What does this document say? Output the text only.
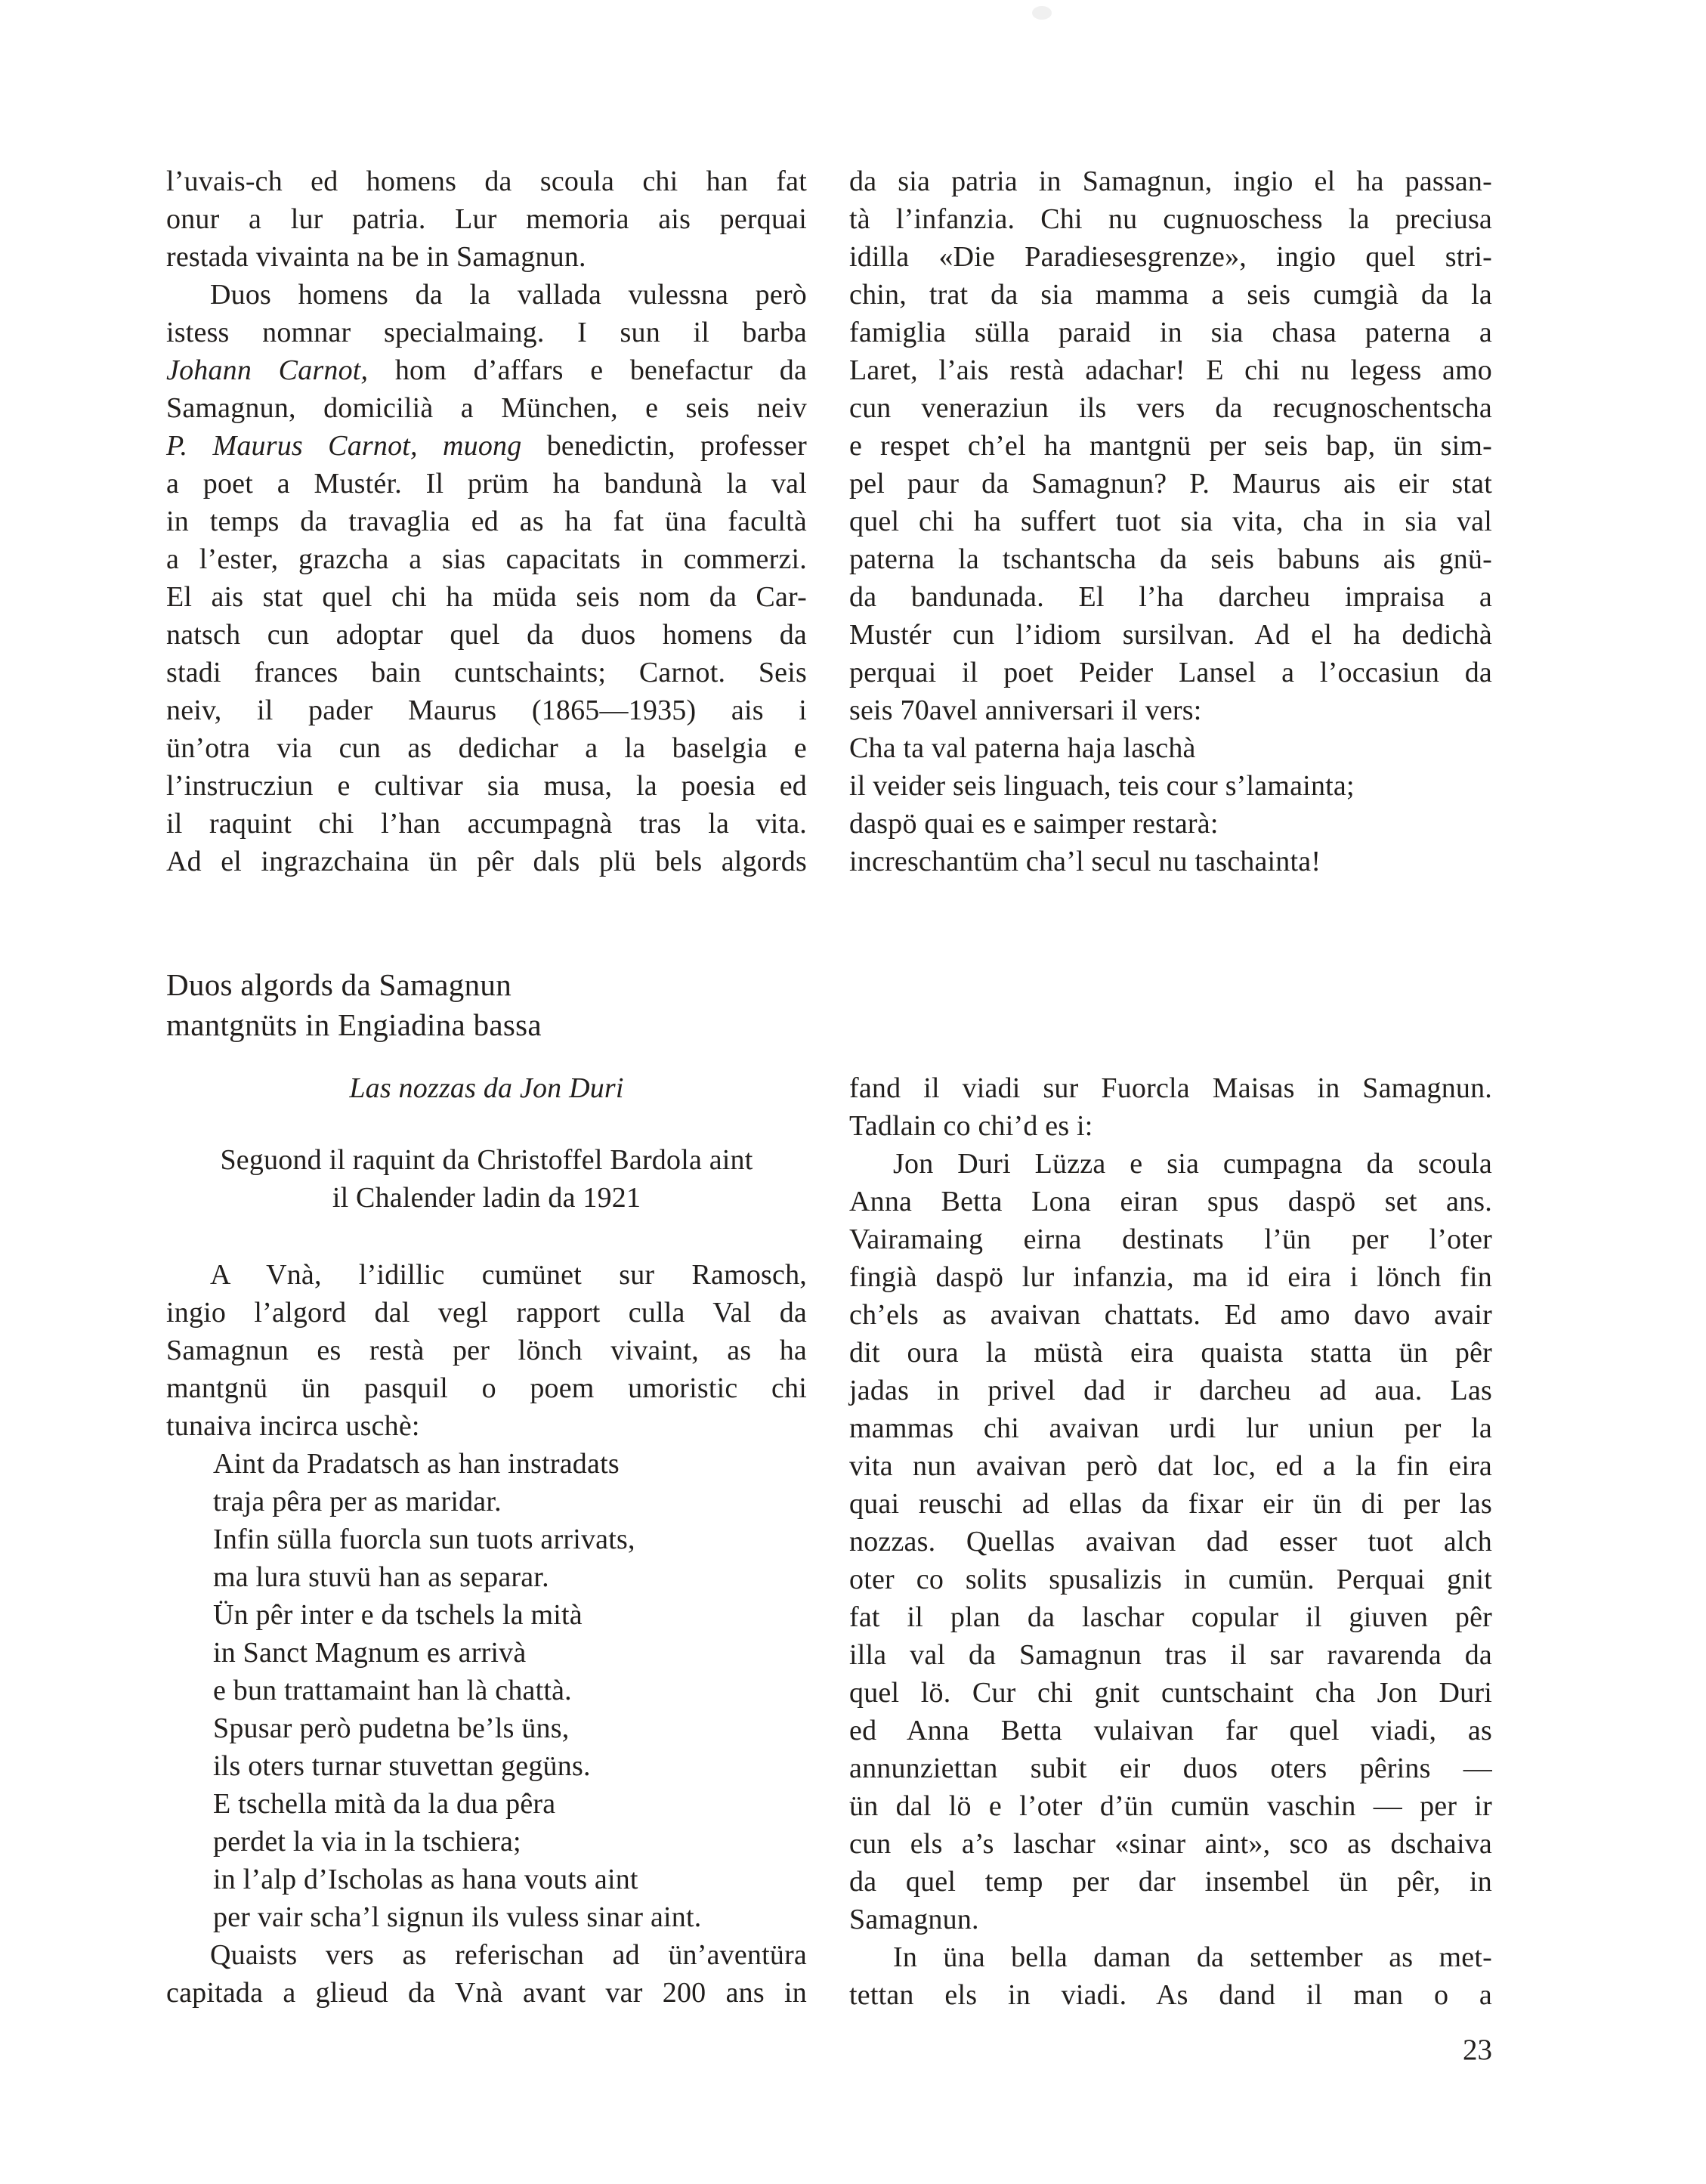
l’uvais-ch ed homens da scoula chi han fat
onur a lur patria. Lur memoria ais perquai
restada vivainta na be in Samagnun.
Duos homens da la vallada vulessna però
istess nomnar specialmaing. I sun il barba
Johann Carnot, hom d’affars e benefactur da
Samagnun, domicilià a München, e seis neiv
P. Maurus Carnot, muong benedictin, professer
a poet a Mustér. Il prüm ha bandunà la val
in temps da travaglia ed as ha fat üna facultà
a l’ester, grazcha a sias capacitats in commerzi.
El ais stat quel chi ha müda seis nom da Car-
natsch cun adoptar quel da duos homens da
stadi frances bain cuntschaints; Carnot. Seis
neiv, il pader Maurus (1865—1935) ais i
ün’otra via cun as dedichar a la baselgia e
l’instrucziun e cultivar sia musa, la poesia ed
il raquint chi l’han accumpagnà tras la vita.
Ad el ingrazchaina ün pêr dals plü bels algords
da sia patria in Samagnun, ingio el ha passan-
tà l’infanzia. Chi nu cugnuoschess la preciusa
idilla «Die Paradiesesgrenze», ingio quel stri-
chin, trat da sia mamma a seis cumgià da la
famiglia sülla paraid in sia chasa paterna a
Laret, l’ais restà adachar! E chi nu legess amo
cun veneraziun ils vers da recugnoschentscha
e respet ch’el ha mantgnü per seis bap, ün sim-
pel paur da Samagnun? P. Maurus ais eir stat
quel chi ha suffert tuot sia vita, cha in sia val
paterna la tschantscha da seis babuns ais gnü-
da bandunada. El l’ha darcheu impraisa a
Mustér cun l’idiom sursilvan. Ad el ha dedichà
perquai il poet Peider Lansel a l’occasiun da
seis 70avel anniversari il vers:
Cha ta val paterna haja laschà
il veider seis linguach, teis cour s’lamainta;
daspö quai es e saimper restarà:
increschantüm cha’l secul nu taschainta!
Duos algords da Samagnun
mantgnüts in Engiadina bassa
Las nozzas da Jon Duri
Seguond il raquint da Christoffel Bardola aint
il Chalender ladin da 1921
A Vnà, l’idillic cumünet sur Ramosch,
ingio l’algord dal vegl rapport culla Val da
Samagnun es restà per lönch vivaint, as ha
mantgnü ün pasquil o poem umoristic chi
tunaiva incirca uschè:
Aint da Pradatsch as han instradats
traja pêra per as maridar.
Infin sülla fuorcla sun tuots arrivats,
ma lura stuvü han as separar.
Ün pêr inter e da tschels la mità
in Sanct Magnum es arrivà
e bun trattamaint han là chattà.
Spusar però pudetna be’ls üns,
ils oters turnar stuvettan gegüns.
E tschella mità da la dua pêra
perdet la via in la tschiera;
in l’alp d’Ischolas as hana vouts aint
per vair scha’l signun ils vuless sinar aint.
Quaists vers as referischan ad ün’aventüra
capitada a glieud da Vnà avant var 200 ans in
fand il viadi sur Fuorcla Maisas in Samagnun.
Tadlain co chi’d es i:
Jon Duri Lüzza e sia cumpagna da scoula
Anna Betta Lona eiran spus daspö set ans.
Vairamaing eirna destinats l’ün per l’oter
fingià daspö lur infanzia, ma id eira i lönch fin
ch’els as avaivan chattats. Ed amo davo avair
dit oura la müstà eira quaista statta ün pêr
jadas in privel dad ir darcheu ad aua. Las
mammas chi avaivan urdi lur uniun per la
vita nun avaivan però dat loc, ed a la fin eira
quai reuschi ad ellas da fixar eir ün di per las
nozzas. Quellas avaivan dad esser tuot alch
oter co solits spusalizis in cumün. Perquai gnit
fat il plan da laschar copular il giuven pêr
illa val da Samagnun tras il sar ravarenda da
quel lö. Cur chi gnit cuntschaint cha Jon Duri
ed Anna Betta vulaivan far quel viadi, as
annunziettan subit eir duos oters pêrins —
ün dal lö e l’oter d’ün cumün vaschin — per ir
cun els a’s laschar «sinar aint», sco as dschaiva
da quel temp per dar insembel ün pêr, in
Samagnun.
In üna bella daman da settember as met-
tettan els in viadi. As dand il man o a
23
